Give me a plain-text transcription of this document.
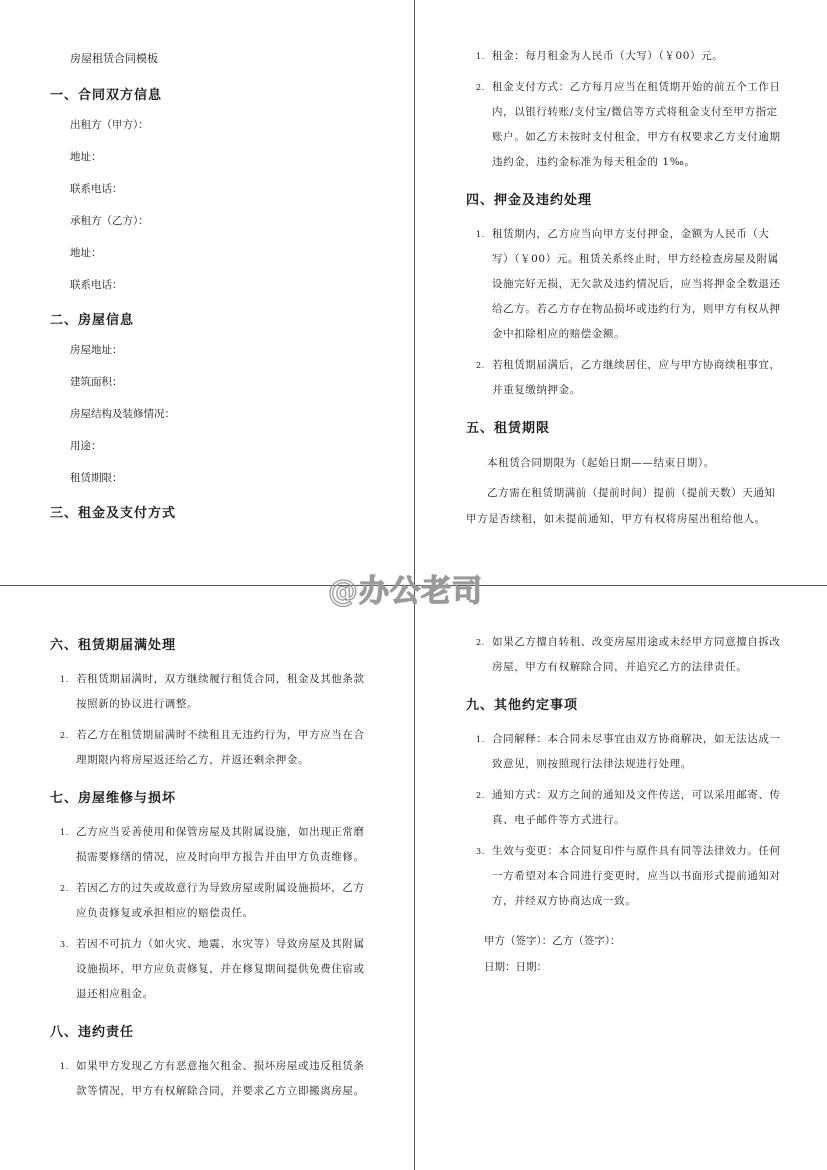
房屋租赁合同模板
一、合同双方信息
出租方（甲方）：
地址：
联系电话：
承租方（乙方）：
地址：
联系电话：
二、房屋信息
房屋地址：
建筑面积：
房屋结构及装修情况：
用途：
租赁期限：
三、租金及支付方式
1. 租金：每月租金为人民币（大写）（￥00）元。
2. 租金支付方式：乙方每月应当在租赁期开始的前五个工作日内，以银行转账/支付宝/微信等方式将租金支付至甲方指定账户。如乙方未按时支付租金，甲方有权要求乙方支付逾期违约金，违约金标准为每天租金的 1‰。
四、押金及违约处理
1. 租赁期内，乙方应当向甲方支付押金，金额为人民币（大写）（￥00）元。租赁关系终止时，甲方经检查房屋及附属设施完好无损，无欠款及违约情况后，应当将押金全数退还给乙方。若乙方存在物品损坏或违约行为，则甲方有权从押金中扣除相应的赔偿金额。
2. 若租赁期届满后，乙方继续居住，应与甲方协商续租事宜，并重复缴纳押金。
五、租赁期限

本租赁合同期限为（起始日期——结束日期）。

乙方需在租赁期满前（提前时间）提前（提前天数）天通知甲方是否续租，如未提前通知，甲方有权将房屋出租给他人。

六、租赁期届满处理
1. 若租赁期届满时，双方继续履行租赁合同，租金及其他条款按照新的协议进行调整。
2. 若乙方在租赁期届满时不续租且无违约行为，甲方应当在合理期限内将房屋返还给乙方，并返还剩余押金。
七、房屋维修与损坏
1. 乙方应当妥善使用和保管房屋及其附属设施，如出现正常磨损需要修缮的情况，应及时向甲方报告并由甲方负责维修。
2. 若因乙方的过失或故意行为导致房屋或附属设施损坏，乙方应负责修复或承担相应的赔偿责任。
3. 若因不可抗力（如火灾、地震、水灾等）导致房屋及其附属设施损坏，甲方应负责修复，并在修复期间提供免费住宿或退还相应租金。
八、违约责任
1. 如果甲方发现乙方有恶意拖欠租金、损坏房屋或违反租赁条款等情况，甲方有权解除合同，并要求乙方立即搬离房屋。
2. 如果乙方擅自转租、改变房屋用途或未经甲方同意擅自拆改房屋，甲方有权解除合同，并追究乙方的法律责任。
九、其他约定事项
1. 合同解释：本合同未尽事宜由双方协商解决，如无法达成一致意见，则按照现行法律法规进行处理。
2. 通知方式：双方之间的通知及文件传送，可以采用邮寄、传真、电子邮件等方式进行。
3. 生效与变更：本合同复印件与原件具有同等法律效力。任何一方希望对本合同进行变更时，应当以书面形式提前通知对方，并经双方协商达成一致。
甲方（签字）：乙方（签字）：
日期：日期：
@办公老司
